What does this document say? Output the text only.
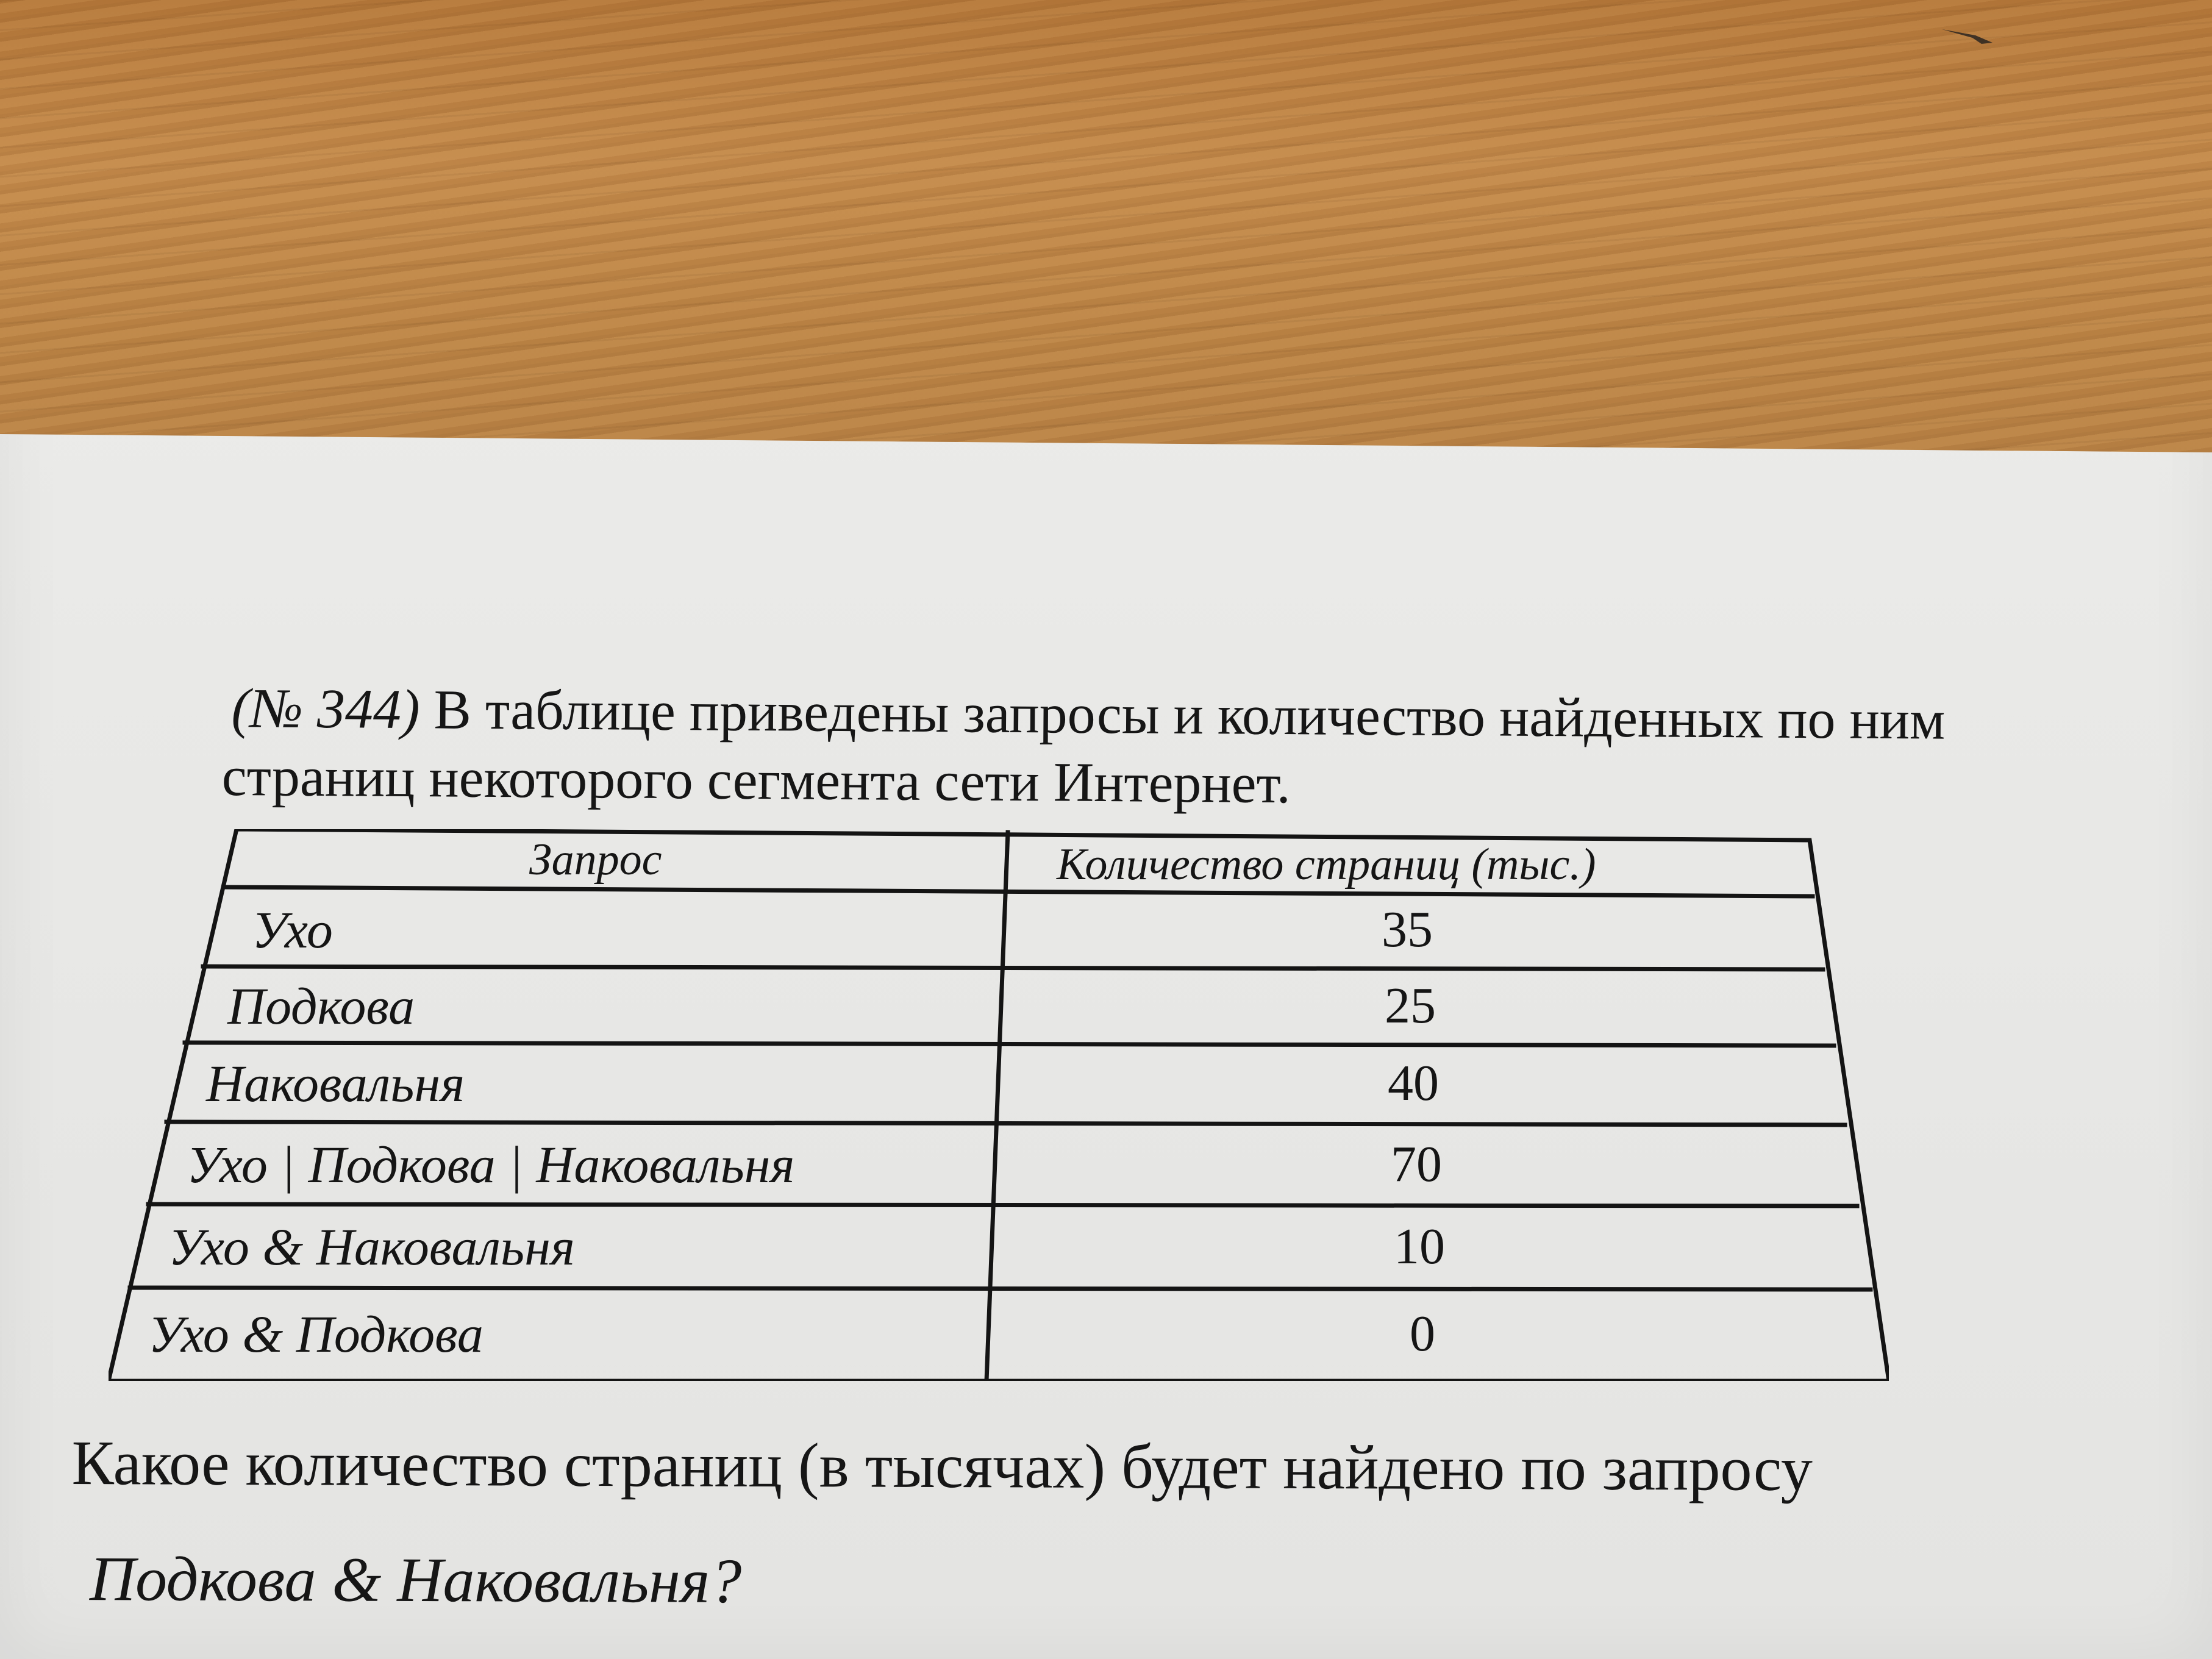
(№ 344) В таблице приведены запросы и количество найденных по ним
страниц некоторого сегмента сети Интернет.
Запрос	Количество страниц (тыс.)
Ухо	35
Подкова	25
Наковальня	40
Ухо | Подкова | Наковальня	70
Ухо & Наковальня	10
Ухо & Подкова	0
Какое количество страниц (в тысячах) будет найдено по запросу
Подкова & Наковальня?
